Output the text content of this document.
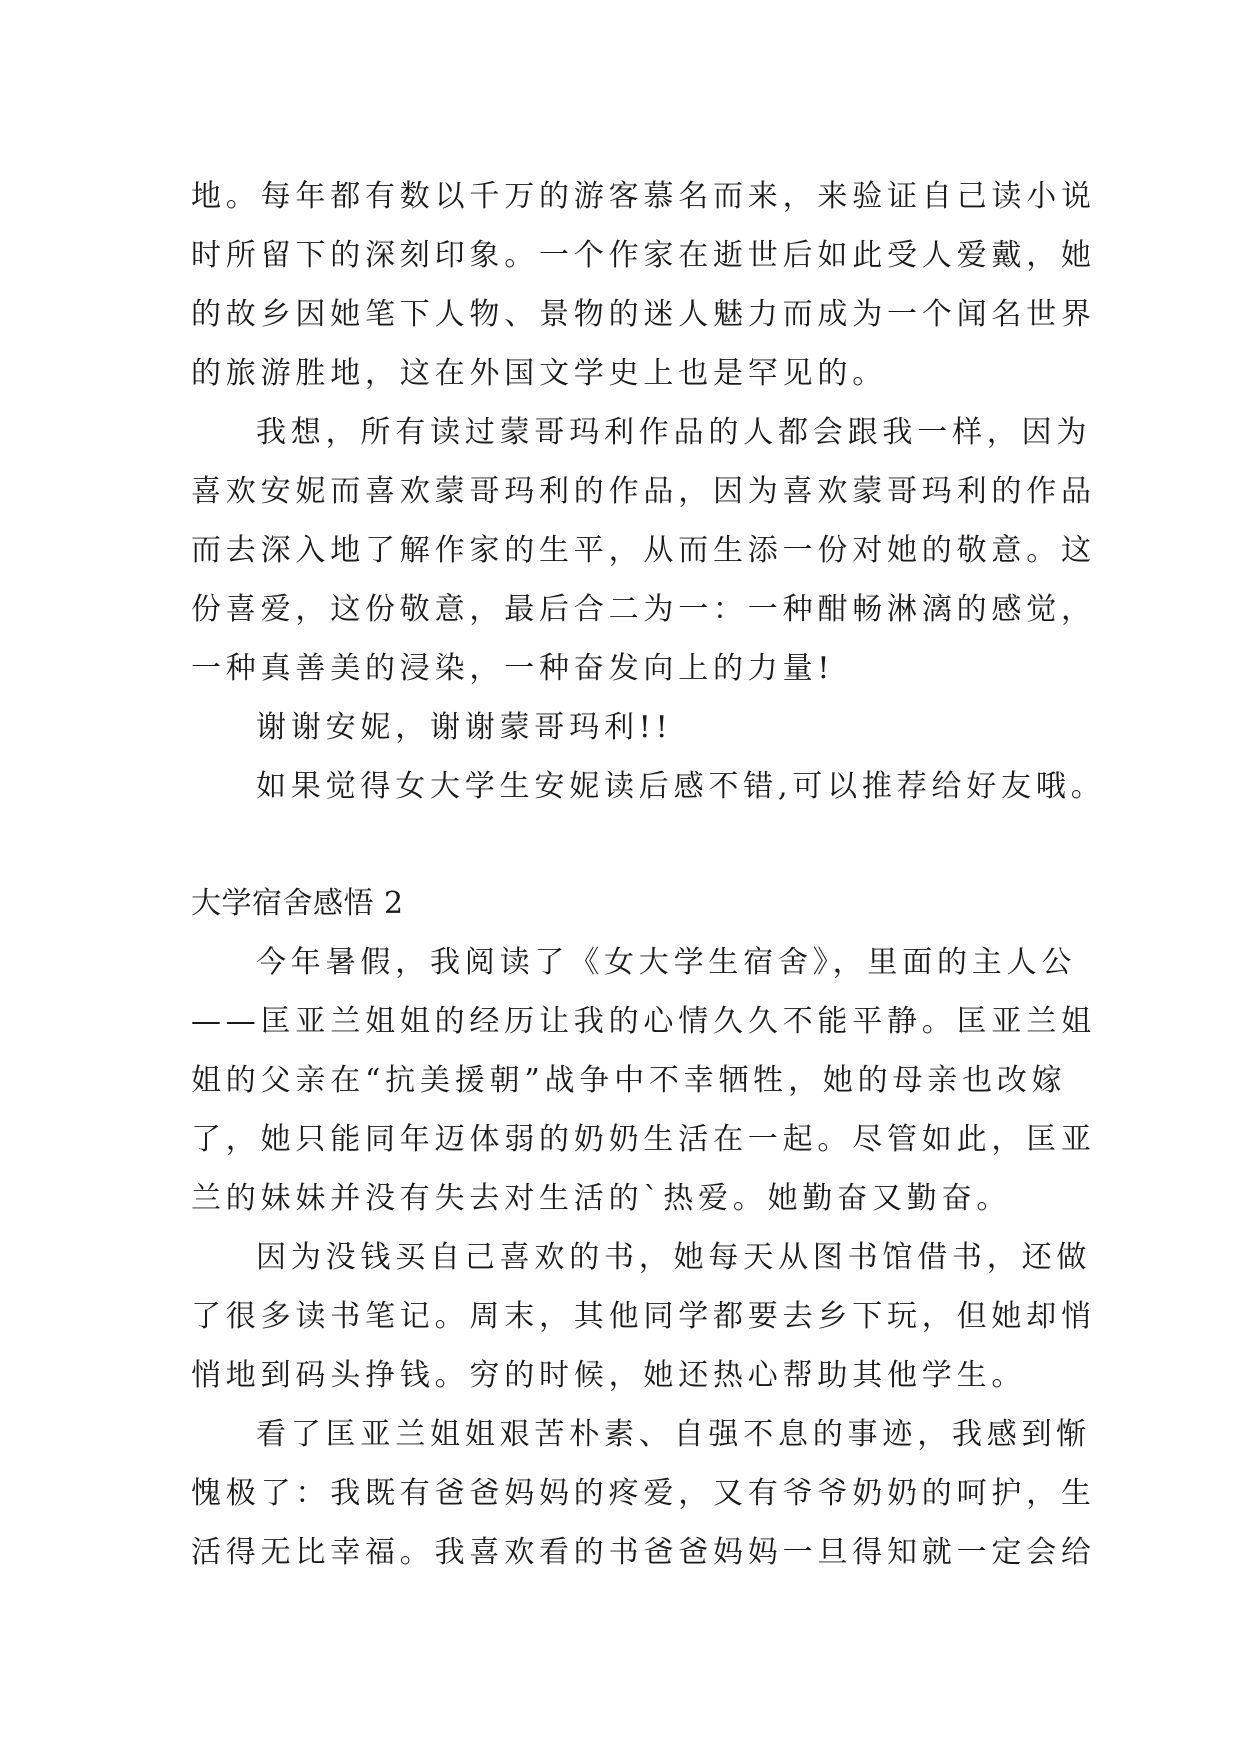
地。每年都有数以千万的游客慕名而来，来验证自己读小说
时所留下的深刻印象。一个作家在逝世后如此受人爱戴，她
的故乡因她笔下人物、景物的迷人魅力而成为一个闻名世界
的旅游胜地，这在外国文学史上也是罕见的。
我想，所有读过蒙哥玛利作品的人都会跟我一样，因为
喜欢安妮而喜欢蒙哥玛利的作品，因为喜欢蒙哥玛利的作品
而去深入地了解作家的生平，从而生添一份对她的敬意。这
份喜爱，这份敬意，最后合二为一：一种酣畅淋漓的感觉，
一种真善美的浸染，一种奋发向上的力量!
谢谢安妮，谢谢蒙哥玛利!!
如果觉得女大学生安妮读后感不错,可以推荐给好友哦。
大学宿舍感悟 2
今年暑假，我阅读了《女大学生宿舍》，里面的主人公
——匡亚兰姐姐的经历让我的心情久久不能平静。匡亚兰姐
姐的父亲在“抗美援朝”战争中不幸牺牲，她的母亲也改嫁
了，她只能同年迈体弱的奶奶生活在一起。尽管如此，匡亚
兰的妹妹并没有失去对生活的`热爱。她勤奋又勤奋。
因为没钱买自己喜欢的书，她每天从图书馆借书，还做
了很多读书笔记。周末，其他同学都要去乡下玩，但她却悄
悄地到码头挣钱。穷的时候，她还热心帮助其他学生。
看了匡亚兰姐姐艰苦朴素、自强不息的事迹，我感到惭
愧极了：我既有爸爸妈妈的疼爱，又有爷爷奶奶的呵护，生
活得无比幸福。我喜欢看的书爸爸妈妈一旦得知就一定会给
